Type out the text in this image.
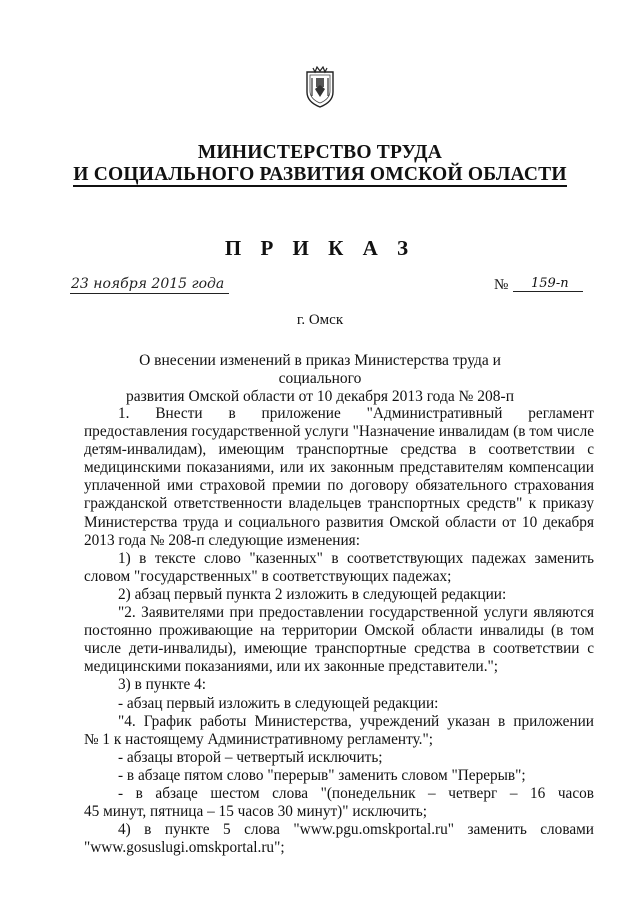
МИНИСТЕРСТВО ТРУДА
И СОЦИАЛЬНОГО РАЗВИТИЯ ОМСКОЙ ОБЛАСТИ
П Р И К А З
23 ноября 2015 года	№	159-п
г. Омск
О внесении изменений в приказ Министерства труда и социального
развития Омской области от 10 декабря 2013 года № 208-п

1. Внести в приложение "Административный регламент

предоставления государственной услуги "Назначение инвалидам (в том числе

детям-инвалидам), имеющим транспортные средства в соответствии с

медицинскими показаниями, или их законным представителям компенсации

уплаченной ими страховой премии по договору обязательного страхования

гражданской ответственности владельцев транспортных средств" к приказу

Министерства труда и социального развития Омской области от 10 декабря

2013 года № 208-п следующие изменения:

1) в тексте слово "казенных" в соответствующих падежах заменить

словом "государственных" в соответствующих падежах;

2) абзац первый пункта 2 изложить в следующей редакции:

"2. Заявителями при предоставлении государственной услуги являются

постоянно проживающие на территории Омской области инвалиды (в том

числе дети-инвалиды), имеющие транспортные средства в соответствии с

медицинскими показаниями, или их законные представители.";

3) в пункте 4:

- абзац первый изложить в следующей редакции:

"4. График работы Министерства, учреждений указан в приложении

№ 1 к настоящему Административному регламенту.";

- абзацы второй – четвертый исключить;

- в абзаце пятом слово "перерыв" заменить словом "Перерыв";

- в абзаце шестом слова "(понедельник – четверг – 16 часов

45 минут, пятница – 15 часов 30 минут)" исключить;

4) в пункте 5 слова "www.pgu.omskportal.ru" заменить словами

"www.gosuslugi.omskportal.ru";
